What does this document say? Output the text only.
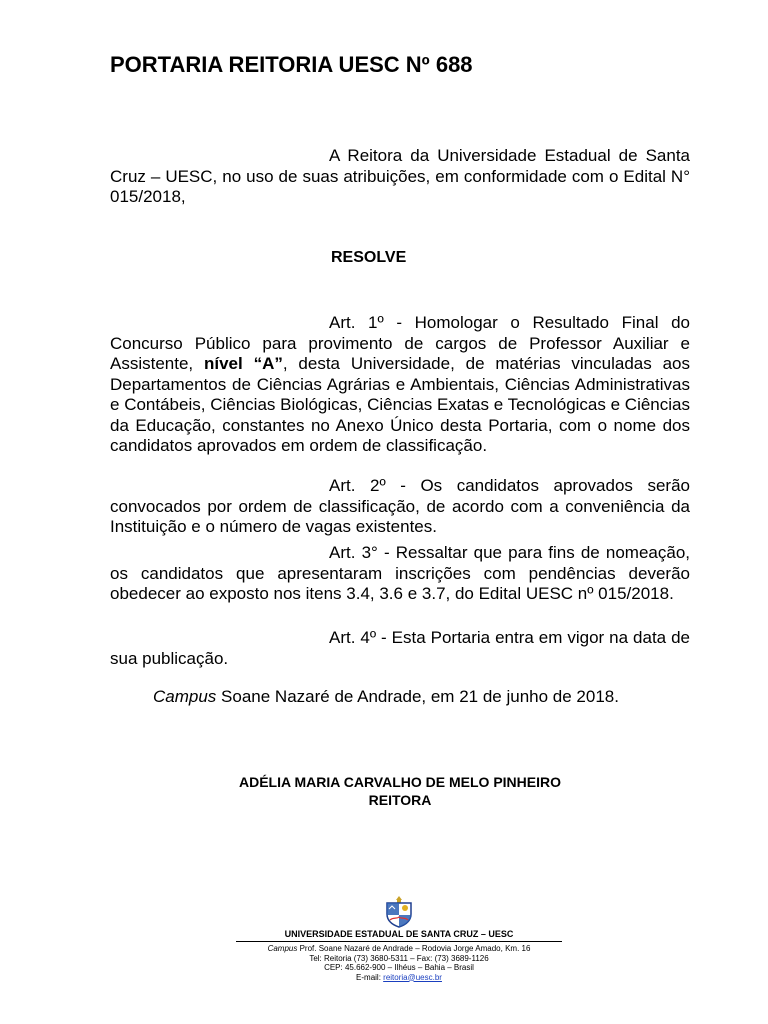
PORTARIA REITORIA UESC Nº 688

A Reitora da Universidade Estadual de Santa Cruz – UESC, no uso de suas atribuições, em conformidade com o Edital N° 015/2018,

RESOLVE

Art. 1º - Homologar o Resultado Final do Concurso Público para provimento de cargos de Professor Auxiliar e Assistente, nível “A”, desta Universidade, de matérias vinculadas aos Departamentos de Ciências Agrárias e Ambientais, Ciências Administrativas e Contábeis, Ciências Biológicas, Ciências Exatas e Tecnológicas e Ciências da Educação, constantes no Anexo Único desta Portaria, com o nome dos candidatos aprovados em ordem de classificação.

Art. 2º - Os candidatos aprovados serão convocados por ordem de classificação, de acordo com a conveniência da Instituição e o número de vagas existentes.

Art. 3° - Ressaltar que para fins de nomeação, os candidatos que apresentaram inscrições com pendências deverão obedecer ao exposto nos itens 3.4, 3.6 e 3.7, do Edital UESC nº 015/2018.

Art. 4º - Esta Portaria entra em vigor na data de sua publicação.

Campus Soane Nazaré de Andrade, em 21 de junho de 2018.

ADÉLIA MARIA CARVALHO DE MELO PINHEIRO
REITORA
UNIVERSIDADE ESTADUAL DE SANTA CRUZ – UESC
Campus Prof. Soane Nazaré de Andrade – Rodovia Jorge Amado, Km. 16
Tel: Reitoria (73) 3680-5311 – Fax: (73) 3689-1126
CEP: 45.662-900 – Ilhéus – Bahia – Brasil
E-mail: reitoria@uesc.br
